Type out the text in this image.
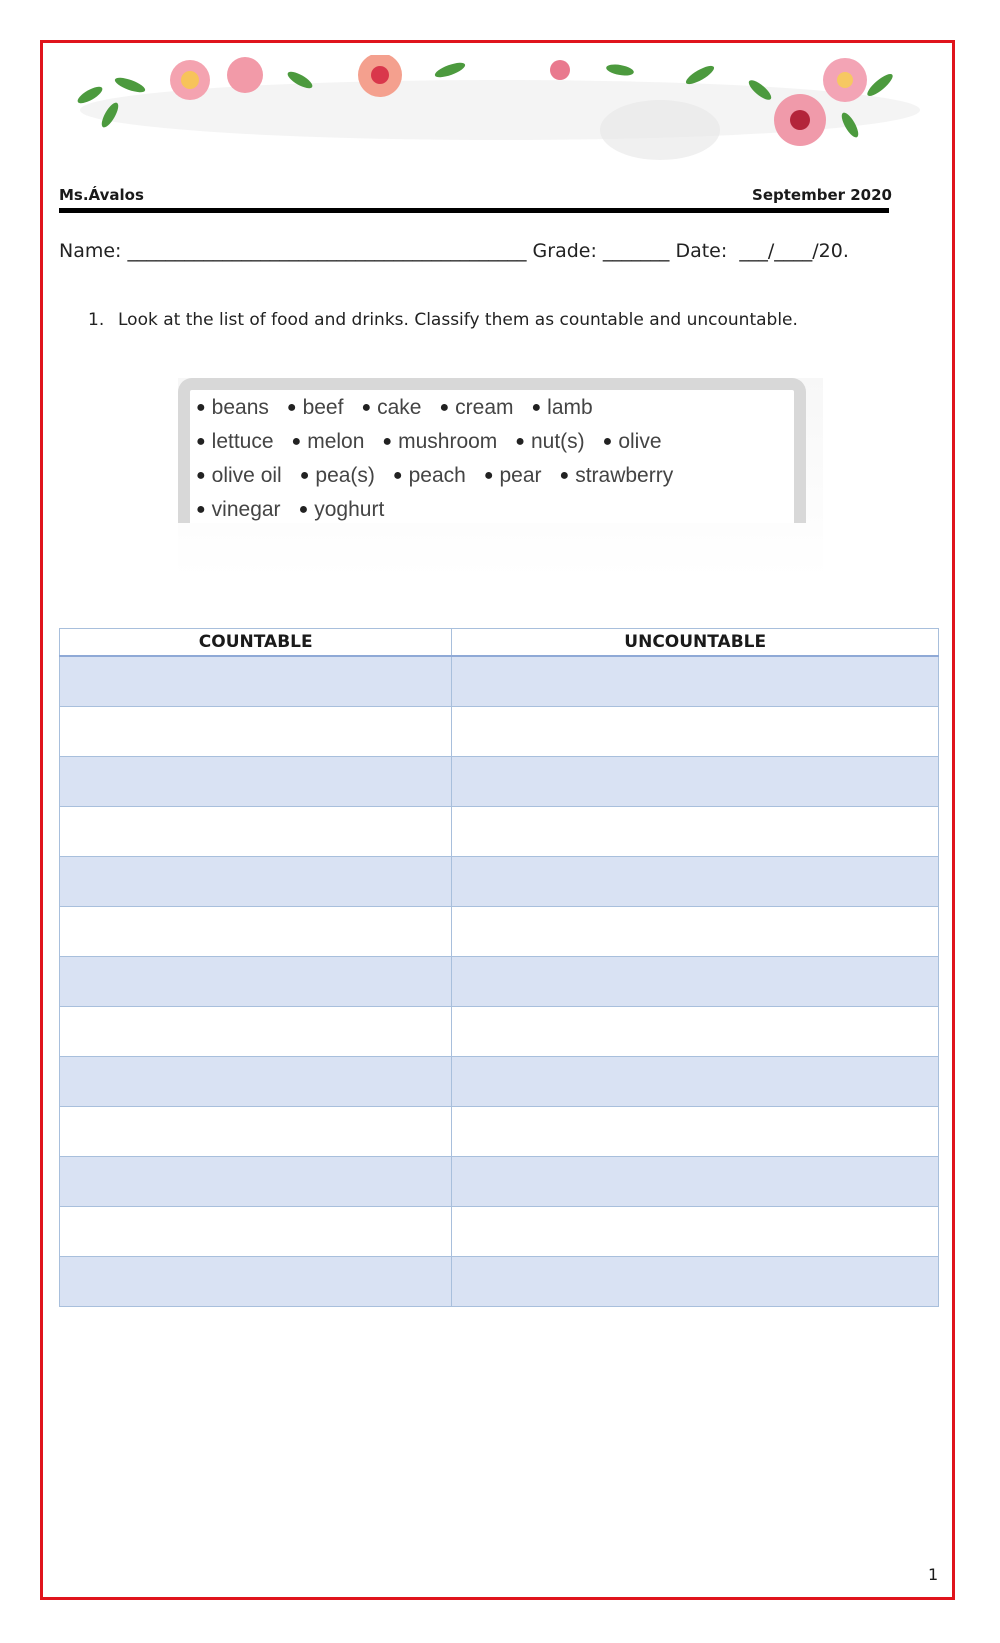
Ms.Ávalos	September 2020
Name: __________________________________________ Grade: _______ Date:  ___/____/20.
1. Look at the list of food and drinks. Classify them as countable and uncountable.
● beans ● beef ● cake ● cream ● lamb
● lettuce ● melon ● mushroom ● nut(s) ● olive
● olive oil ● pea(s) ● peach ● pear ● strawberry
● vinegar ● yoghurt
COUNTABLE	UNCOUNTABLE

1
